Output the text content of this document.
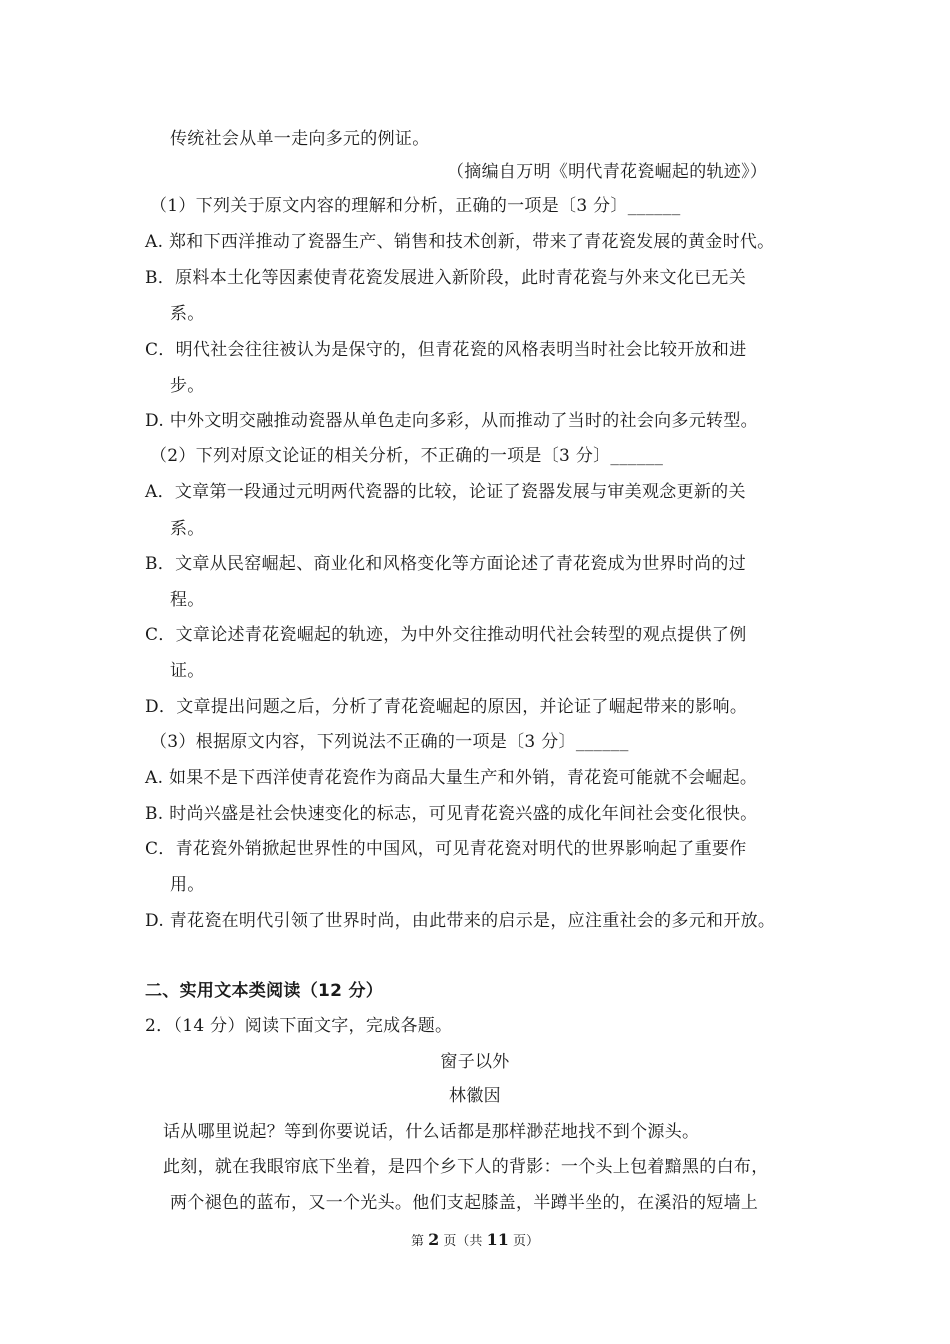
传统社会从单一走向多元的例证。
（摘编自万明《明代青花瓷崛起的轨迹》）
（1）下列关于原文内容的理解和分析，正确的一项是〔3 分〕______
A. 郑和下西洋推动了瓷器生产、销售和技术创新，带来了青花瓷发展的黄金时代。
B．原料本土化等因素使青花瓷发展进入新阶段，此时青花瓷与外来文化已无关
系。
C．明代社会往往被认为是保守的，但青花瓷的风格表明当时社会比较开放和进
步。
D. 中外文明交融推动瓷器从单色走向多彩，从而推动了当时的社会向多元转型。
（2）下列对原文论证的相关分析，不正确的一项是〔3 分〕______
A．文章第一段通过元明两代瓷器的比较，论证了瓷器发展与审美观念更新的关
系。
B．文章从民窑崛起、商业化和风格变化等方面论述了青花瓷成为世界时尚的过
程。
C．文章论述青花瓷崛起的轨迹，为中外交往推动明代社会转型的观点提供了例
证。
D．文章提出问题之后，分析了青花瓷崛起的原因，并论证了崛起带来的影响。
（3）根据原文内容，下列说法不正确的一项是〔3 分〕______
A. 如果不是下西洋使青花瓷作为商品大量生产和外销，青花瓷可能就不会崛起。
B. 时尚兴盛是社会快速变化的标志，可见青花瓷兴盛的成化年间社会变化很快。
C．青花瓷外销掀起世界性的中国风，可见青花瓷对明代的世界影响起了重要作
用。
D. 青花瓷在明代引领了世界时尚，由此带来的启示是，应注重社会的多元和开放。
二、实用文本类阅读（12 分）
2．（14 分）阅读下面文字，完成各题。
窗子以外
林徽因
话从哪里说起？等到你要说话，什么话都是那样渺茫地找不到个源头。
此刻，就在我眼帘底下坐着，是四个乡下人的背影：一个头上包着黯黑的白布，
两个褪色的蓝布，又一个光头。他们支起膝盖，半蹲半坐的，在溪沿的短墙上
第 2 页（共 11 页）
